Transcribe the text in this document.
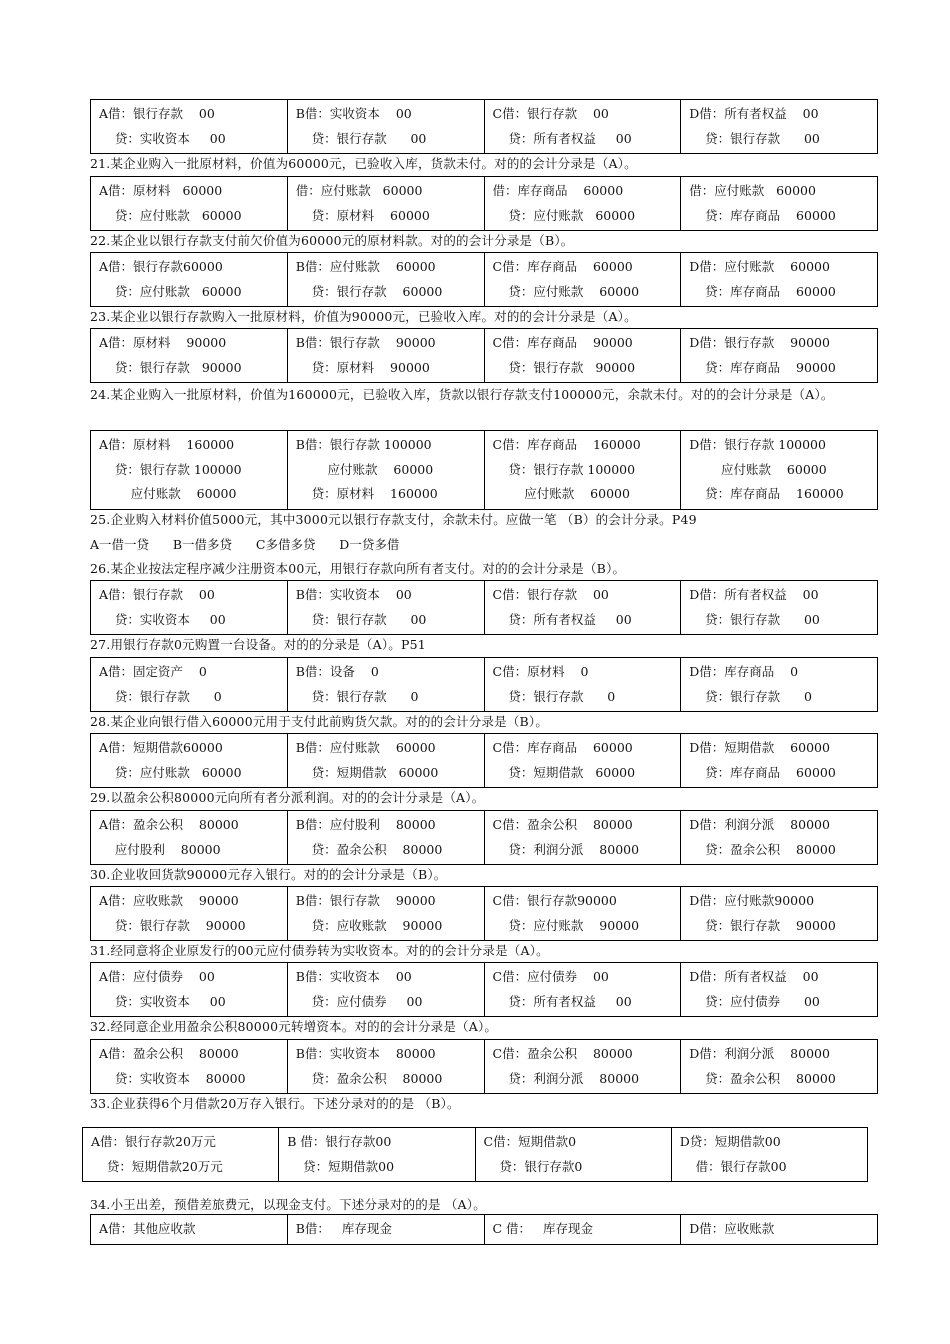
A借：银行存款    00
贷：实收资本     00

B借：实收资本    00
贷：银行存款      00

C借：银行存款    00
贷：所有者权益     00

D借：所有者权益    00
贷：银行存款      00
21.某企业购入一批原材料，价值为60000元，已验收入库，货款未付。对的的会计分录是（A）。
A借：原材料   60000
贷：应付账款   60000

借：应付账款   60000
贷：原材料    60000

借：库存商品    60000
贷：应付账款   60000

借：应付账款   60000
贷：库存商品    60000
22.某企业以银行存款支付前欠价值为60000元的原材料款。对的的会计分录是（B）。
A借：银行存款60000
贷：应付账款   60000

B借：应付账款    60000
贷：银行存款    60000

C借：库存商品    60000
贷：应付账款    60000

D借：应付账款    60000
贷：库存商品    60000
23.某企业以银行存款购入一批原材料，价值为90000元，已验收入库。对的的会计分录是（A）。
A借：原材料    90000
贷：银行存款   90000

B借：银行存款    90000
贷：原材料    90000

C借：库存商品    90000
贷：银行存款   90000

D借：银行存款    90000
贷：库存商品    90000
24.某企业购入一批原材料，价值为160000元，已验收入库，货款以银行存款支付100000元，余款未付。对的的会计分录是（A）。
A借：原材料    160000
贷：银行存款 100000
应付账款    60000

B借：银行存款 100000
应付账款    60000
贷：原材料    160000

C借：库存商品    160000
贷：银行存款 100000
应付账款    60000

D借：银行存款 100000
应付账款    60000
贷：库存商品    160000
25.企业购入材料价值5000元，其中3000元以银行存款支付，余款未付。应做一笔 （B）的会计分录。P49
A一借一贷      B一借多贷      C多借多贷      D一贷多借
26.某企业按法定程序减少注册资本00元，用银行存款向所有者支付。对的的会计分录是（B）。
A借：银行存款    00
贷：实收资本     00

B借：实收资本    00
贷：银行存款      00

C借：银行存款    00
贷：所有者权益     00

D借：所有者权益    00
贷：银行存款      00
27.用银行存款0元购置一台设备。对的的分录是（A）。P51
A借：固定资产    0
贷：银行存款      0

B借：设备    0
贷：银行存款      0

C借：原材料    0
贷：银行存款      0

D借：库存商品    0
贷：银行存款      0
28.某企业向银行借入60000元用于支付此前购货欠款。对的的会计分录是（B）。
A借：短期借款60000
贷：应付账款   60000

B借：应付账款    60000
贷：短期借款   60000

C借：库存商品    60000
贷：短期借款   60000

D借：短期借款    60000
贷：库存商品    60000
29.以盈余公积80000元向所有者分派利润。对的的会计分录是（A）。
A借：盈余公积    80000
应付股利    80000

B借：应付股利    80000
贷：盈余公积    80000

C借：盈余公积    80000
贷：利润分派    80000

D借：利润分派    80000
贷：盈余公积    80000
30.企业收回货款90000元存入银行。对的的会计分录是（B）。
A借：应收账款    90000
贷：银行存款    90000

B借：银行存款    90000
贷：应收账款    90000

C借：银行存款90000
贷：应付账款    90000

D借：应付账款90000
贷：银行存款    90000
31.经同意将企业原发行的00元应付债券转为实收资本。对的的会计分录是（A）。
A借：应付债券    00
贷：实收资本     00

B借：实收资本    00
贷：应付债券     00

C借：应付债券    00
贷：所有者权益     00

D借：所有者权益    00
贷：应付债券      00
32.经同意企业用盈余公积80000元转增资本。对的的会计分录是（A）。
A借：盈余公积    80000
贷：实收资本    80000

B借：实收资本    80000
贷：盈余公积    80000

C借：盈余公积    80000
贷：利润分派    80000

D借：利润分派    80000
贷：盈余公积    80000
33.企业获得6个月借款20万存入银行。下述分录对的的是 （B）。
A借：银行存款20万元
贷：短期借款20万元

B 借：银行存款00
贷：短期借款00

C借：短期借款0
贷：银行存款0

D贷：短期借款00
借：银行存款00
34.小王出差，预借差旅费元，以现金支付。下述分录对的的是 （A）。
A借：其他应收款	B借：   库存现金	C 借：   库存现金	D借：应收账款
